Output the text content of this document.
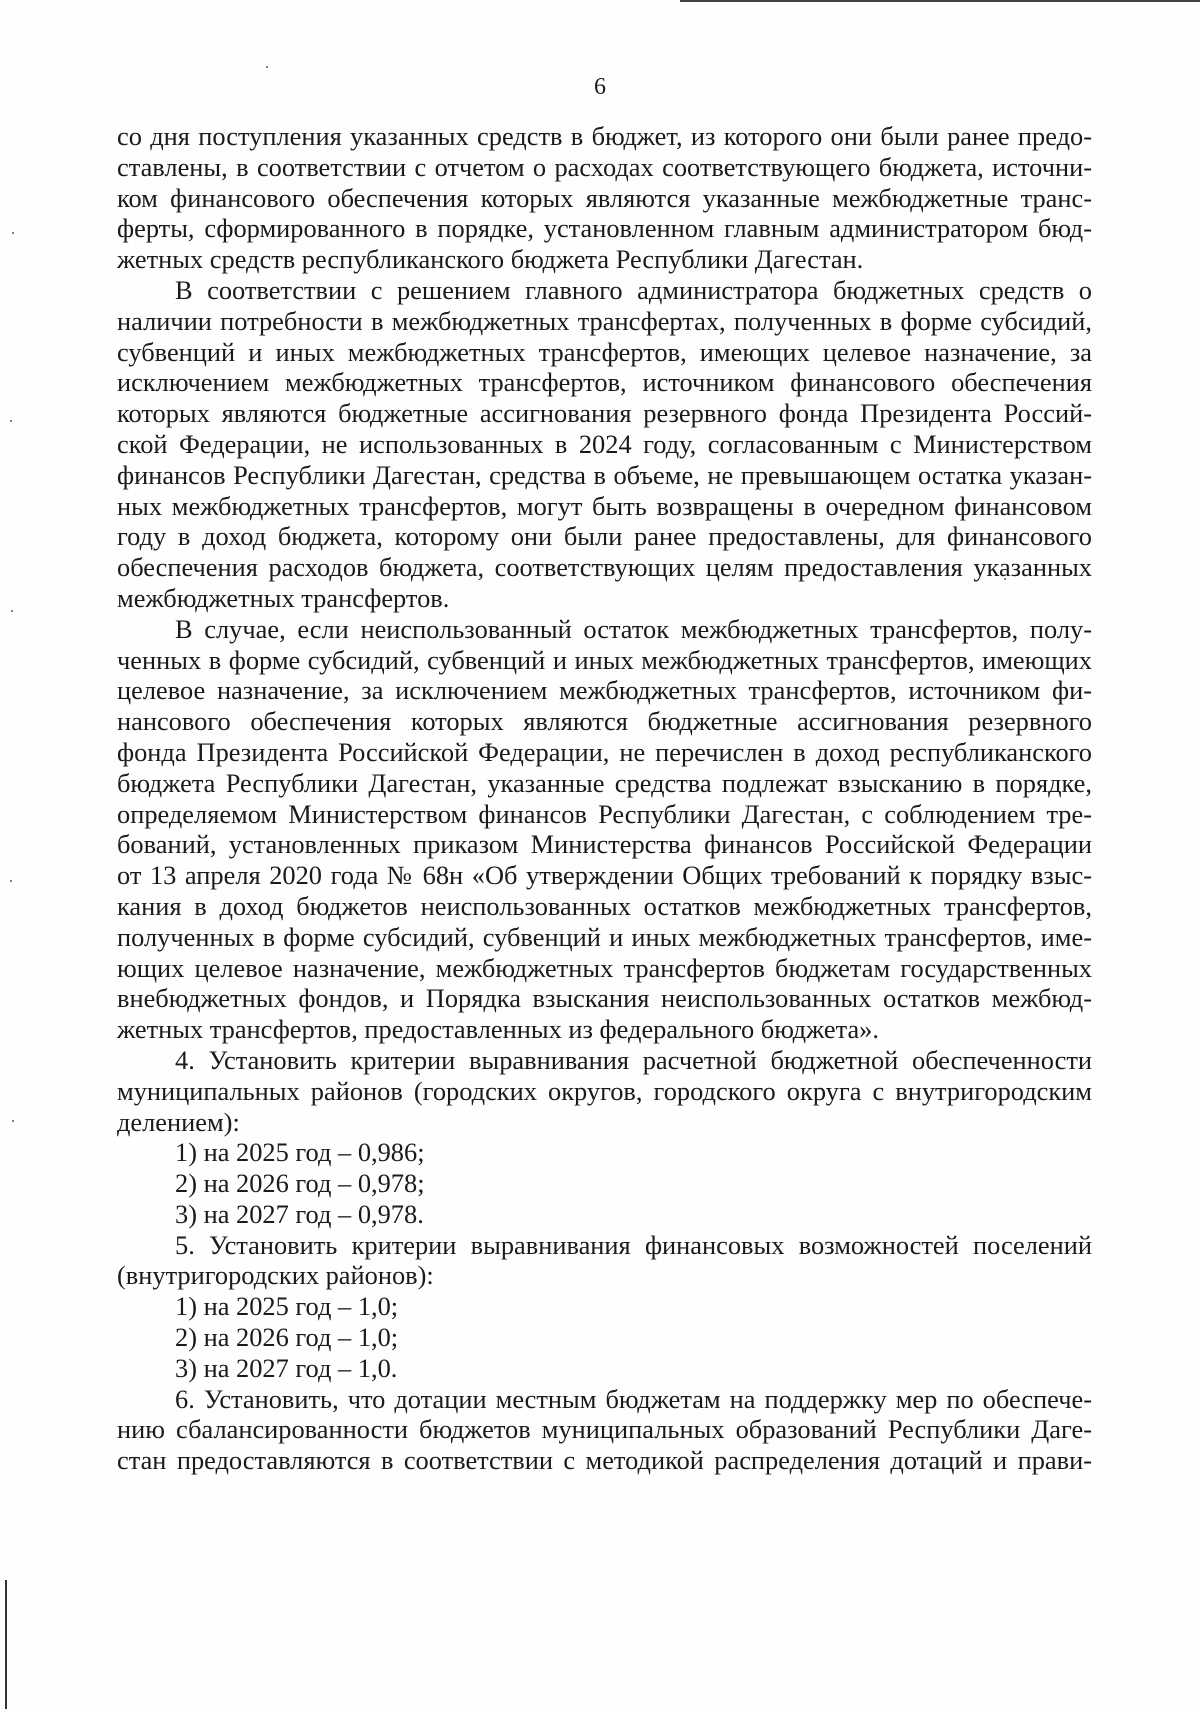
6
со дня поступления указанных средств в бюджет, из которого они были ранее предо-
ставлены, в соответствии с отчетом о расходах соответствующего бюджета, источни-
ком финансового обеспечения которых являются указанные межбюджетные транс-
ферты, сформированного в порядке, установленном главным администратором бюд-
жетных средств республиканского бюджета Республики Дагестан.
В соответствии с решением главного администратора бюджетных средств о
наличии потребности в межбюджетных трансфертах, полученных в форме субсидий,
субвенций и иных межбюджетных трансфертов, имеющих целевое назначение, за
исключением межбюджетных трансфертов, источником финансового обеспечения
которых являются бюджетные ассигнования резервного фонда Президента Россий-
ской Федерации, не использованных в 2024 году, согласованным с Министерством
финансов Республики Дагестан, средства в объеме, не превышающем остатка указан-
ных межбюджетных трансфертов, могут быть возвращены в очередном финансовом
году в доход бюджета, которому они были ранее предоставлены, для финансового
обеспечения расходов бюджета, соответствующих целям предоставления указанных
межбюджетных трансфертов.
В случае, если неиспользованный остаток межбюджетных трансфертов, полу-
ченных в форме субсидий, субвенций и иных межбюджетных трансфертов, имеющих
целевое назначение, за исключением межбюджетных трансфертов, источником фи-
нансового обеспечения которых являются бюджетные ассигнования резервного
фонда Президента Российской Федерации, не перечислен в доход республиканского
бюджета Республики Дагестан, указанные средства подлежат взысканию в порядке,
определяемом Министерством финансов Республики Дагестан, с соблюдением тре-
бований, установленных приказом Министерства финансов Российской Федерации
от 13 апреля 2020 года № 68н «Об утверждении Общих требований к порядку взыс-
кания в доход бюджетов неиспользованных остатков межбюджетных трансфертов,
полученных в форме субсидий, субвенций и иных межбюджетных трансфертов, име-
ющих целевое назначение, межбюджетных трансфертов бюджетам государственных
внебюджетных фондов, и Порядка взыскания неиспользованных остатков межбюд-
жетных трансфертов, предоставленных из федерального бюджета».
4. Установить критерии выравнивания расчетной бюджетной обеспеченности
муниципальных районов (городских округов, городского округа с внутригородским
делением):
1) на 2025 год – 0,986;
2) на 2026 год – 0,978;
3) на 2027 год – 0,978.
5. Установить критерии выравнивания финансовых возможностей поселений
(внутригородских районов):
1) на 2025 год – 1,0;
2) на 2026 год – 1,0;
3) на 2027 год – 1,0.
6. Установить, что дотации местным бюджетам на поддержку мер по обеспече-
нию сбалансированности бюджетов муниципальных образований Республики Даге-
стан предоставляются в соответствии с методикой распределения дотаций и прави-
